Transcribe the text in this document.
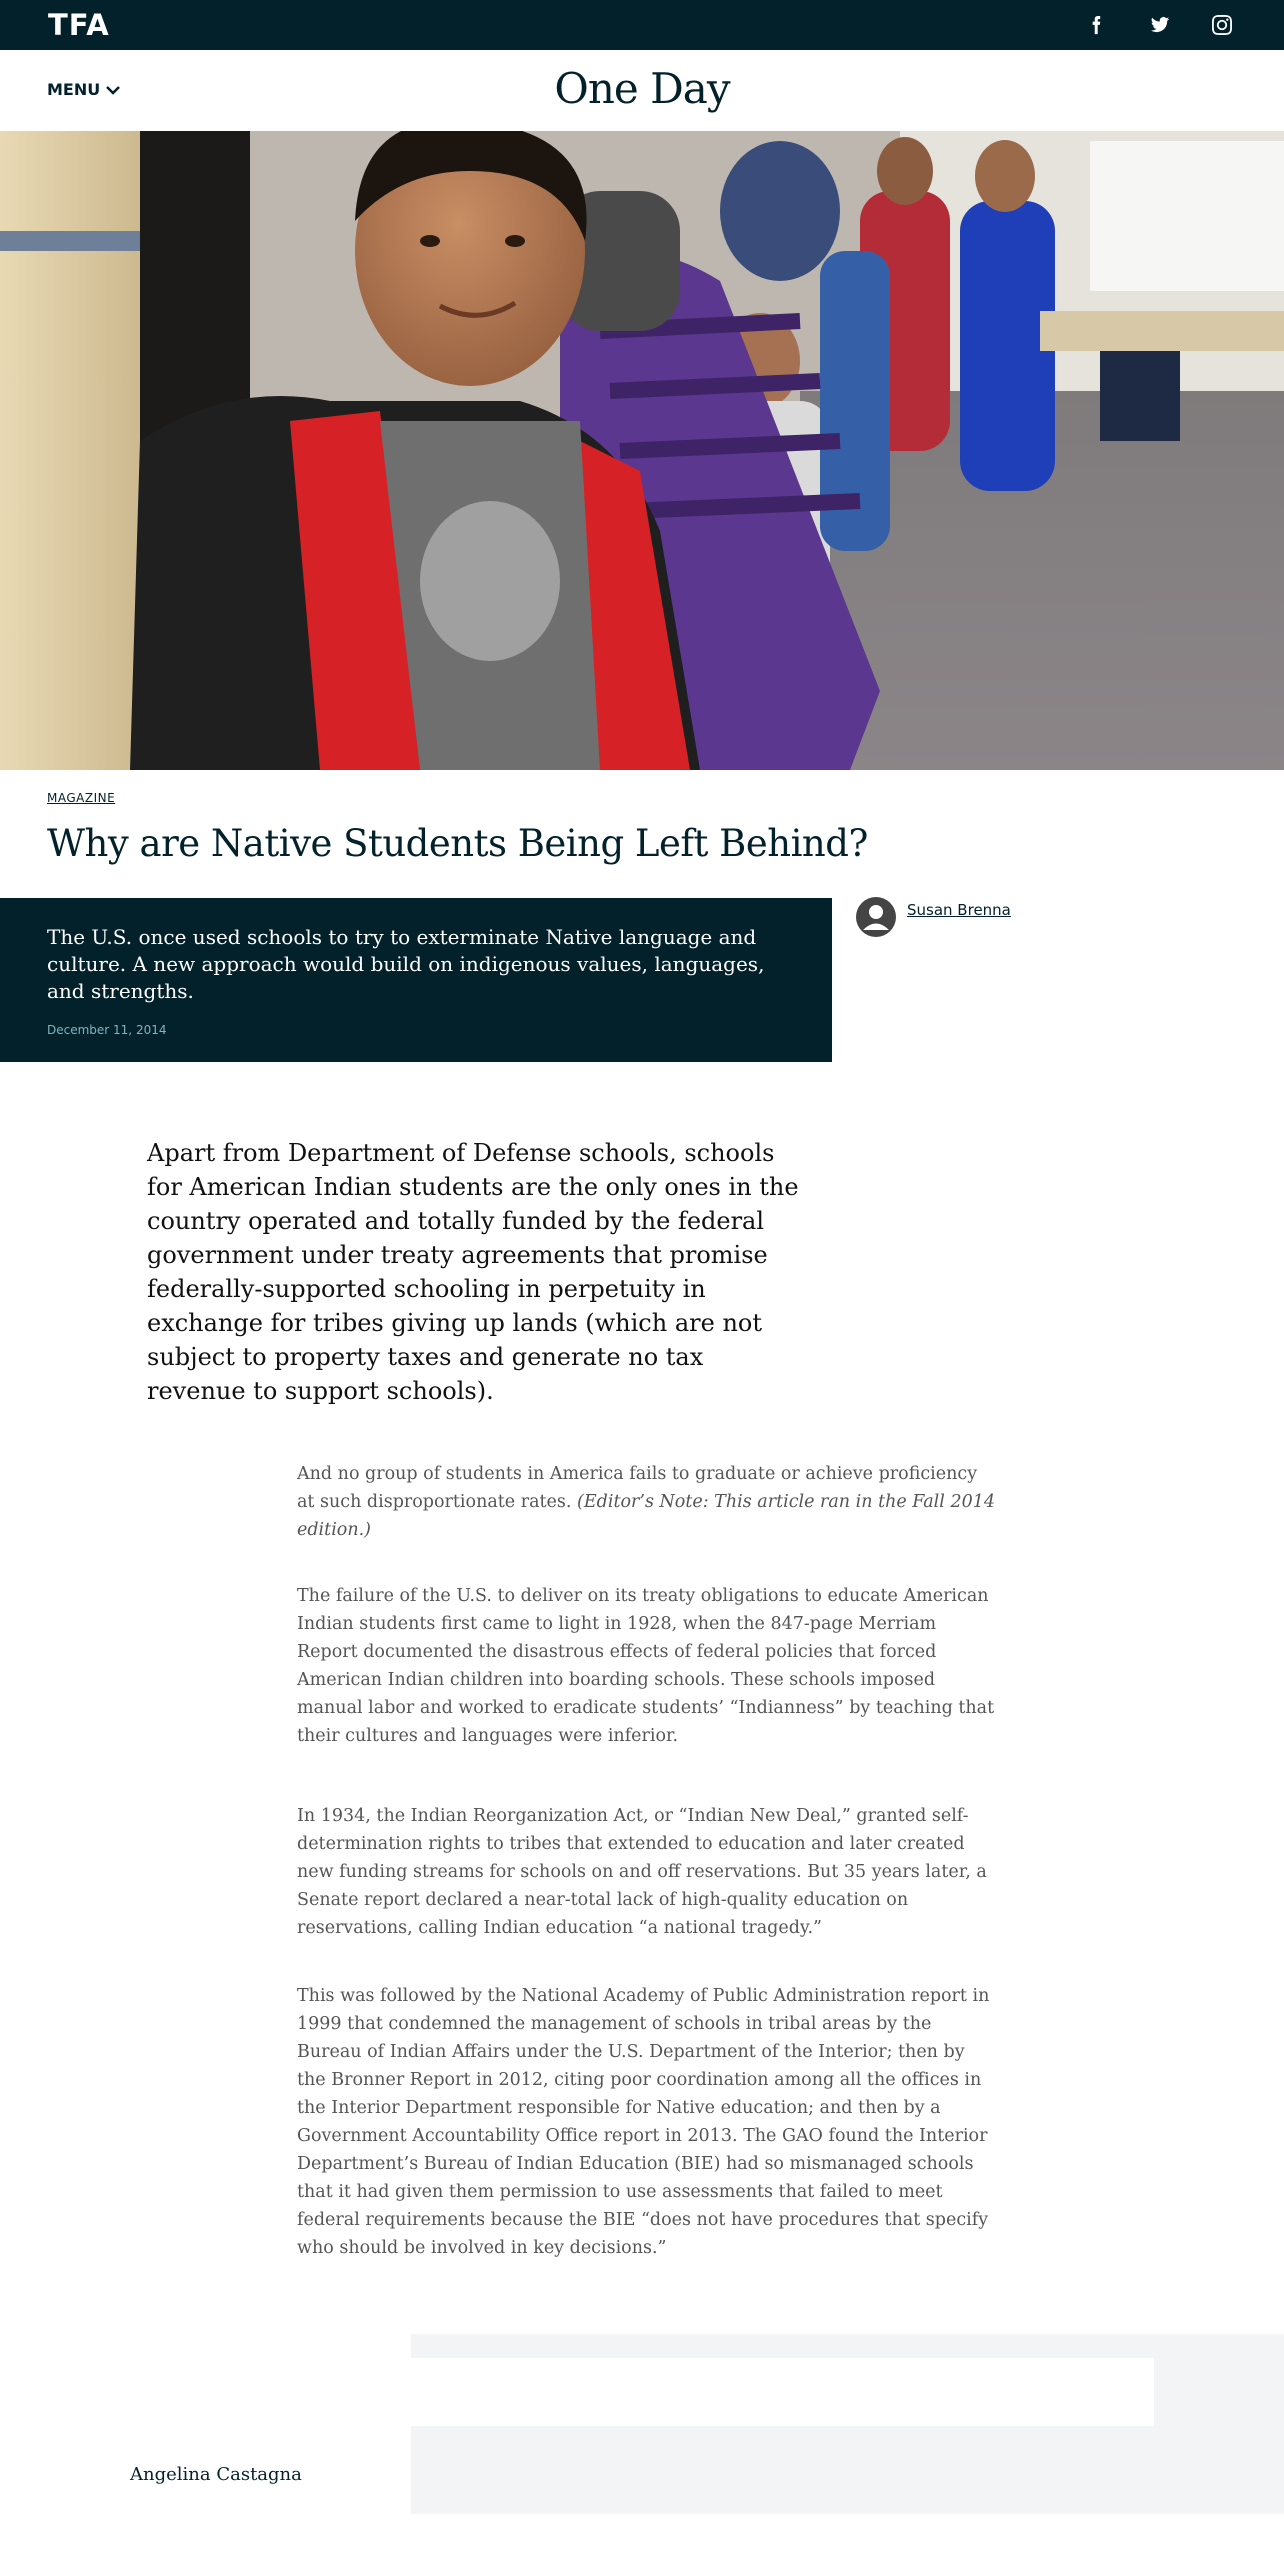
TFA
MENU	One Day
MAGAZINE
Why are Native Students Being Left Behind?

The U.S. once used schools to try to exterminate Native language and culture. A new approach would build on indigenous values, languages, and strengths.

December 11, 2014
Susan Brenna

Apart from Department of Defense schools, schools for American Indian students are the only ones in the country operated and totally funded by the federal government under treaty agreements that promise federally-supported schooling in perpetuity in exchange for tribes giving up lands (which are not subject to property taxes and generate no tax revenue to support schools).

And no group of students in America fails to graduate or achieve proficiency at such disproportionate rates. (Editor’s Note: This article ran in the Fall 2014 edition.)

The failure of the U.S. to deliver on its treaty obligations to educate American Indian students first came to light in 1928, when the 847-page Merriam Report documented the disastrous effects of federal policies that forced American Indian children into boarding schools. These schools imposed manual labor and worked to eradicate students’ “Indianness” by teaching that their cultures and languages were inferior.

In 1934, the Indian Reorganization Act, or “Indian New Deal,” granted self-determination rights to tribes that extended to education and later created new funding streams for schools on and off reservations. But 35 years later, a Senate report declared a near-total lack of high-quality education on reservations, calling Indian education “a national tragedy.”

This was followed by the National Academy of Public Administration report in 1999 that condemned the management of schools in tribal areas by the Bureau of Indian Affairs under the U.S. Department of the Interior; then by the Bronner Report in 2012, citing poor coordination among all the offices in the Interior Department responsible for Native education; and then by a Government Accountability Office report in 2013. The GAO found the Interior Department’s Bureau of Indian Education (BIE) had so mismanaged schools that it had given them permission to use assessments that failed to meet federal requirements because the BIE “does not have procedures that specify who should be involved in key decisions.”

Angelina Castagna
